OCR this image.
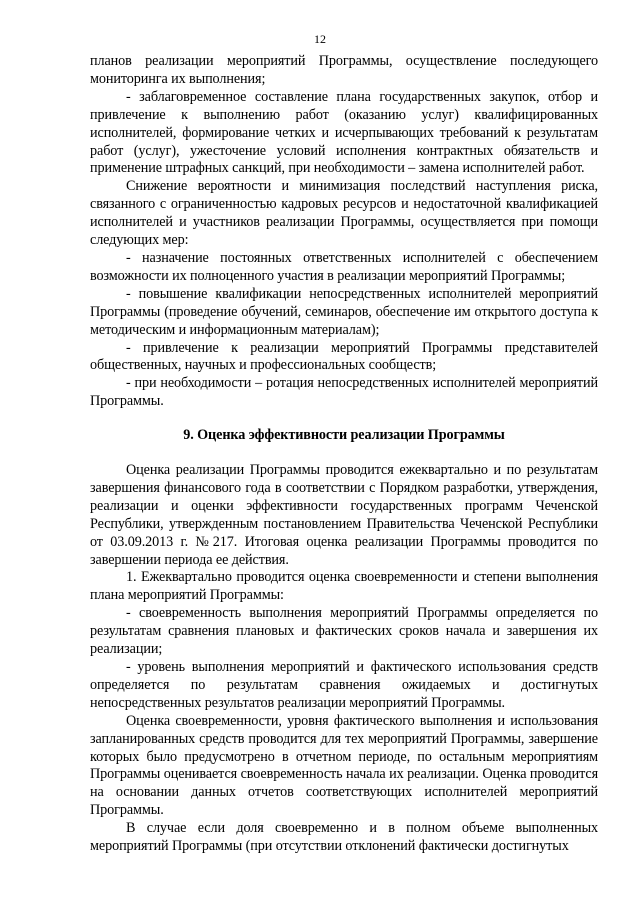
12

планов реализации мероприятий Программы, осуществление последующего мониторинга их выполнения;

- заблаговременное составление плана государственных закупок, отбор и привлечение к выполнению работ (оказанию услуг) квалифицированных исполнителей, формирование четких и исчерпывающих требований к результатам работ (услуг), ужесточение условий исполнения контрактных обязательств и применение штрафных санкций, при необходимости – замена исполнителей работ.

Снижение вероятности и минимизация последствий наступления риска, связанного с ограниченностью кадровых ресурсов и недостаточной квалификацией исполнителей и участников реализации Программы, осуществляется при помощи следующих мер:

- назначение постоянных ответственных исполнителей с обеспечением возможности их полноценного участия в реализации мероприятий Программы;

- повышение квалификации непосредственных исполнителей мероприятий Программы (проведение обучений, семинаров, обеспечение им открытого доступа к методическим и информационным материалам);

- привлечение к реализации мероприятий Программы представителей общественных, научных и профессиональных сообществ;

- при необходимости – ротация непосредственных исполнителей мероприятий Программы.

9. Оценка эффективности реализации Программы

Оценка реализации Программы проводится ежеквартально и по результатам завершения финансового года в соответствии с Порядком разработки, утверждения, реализации и оценки эффективности государственных программ Чеченской Республики, утвержденным постановлением Правительства Чеченской Республики от 03.09.2013 г. №217. Итоговая оценка реализации Программы проводится по завершении периода ее действия.

1. Ежеквартально проводится оценка своевременности и степени выполнения плана мероприятий Программы:

- своевременность выполнения мероприятий Программы определяется по результатам сравнения плановых и фактических сроков начала и завершения их реализации;

- уровень выполнения мероприятий и фактического использования средств определяется по результатам сравнения ожидаемых и достигнутых непосредственных результатов реализации мероприятий Программы.

Оценка своевременности, уровня фактического выполнения и использования запланированных средств проводится для тех мероприятий Программы, завершение которых было предусмотрено в отчетном периоде, по остальным мероприятиям Программы оценивается своевременность начала их реализации. Оценка проводится на основании данных отчетов соответствующих исполнителей мероприятий Программы.

В случае если доля своевременно и в полном объеме выполненных мероприятий Программы (при отсутствии отклонений фактически достигнутых
